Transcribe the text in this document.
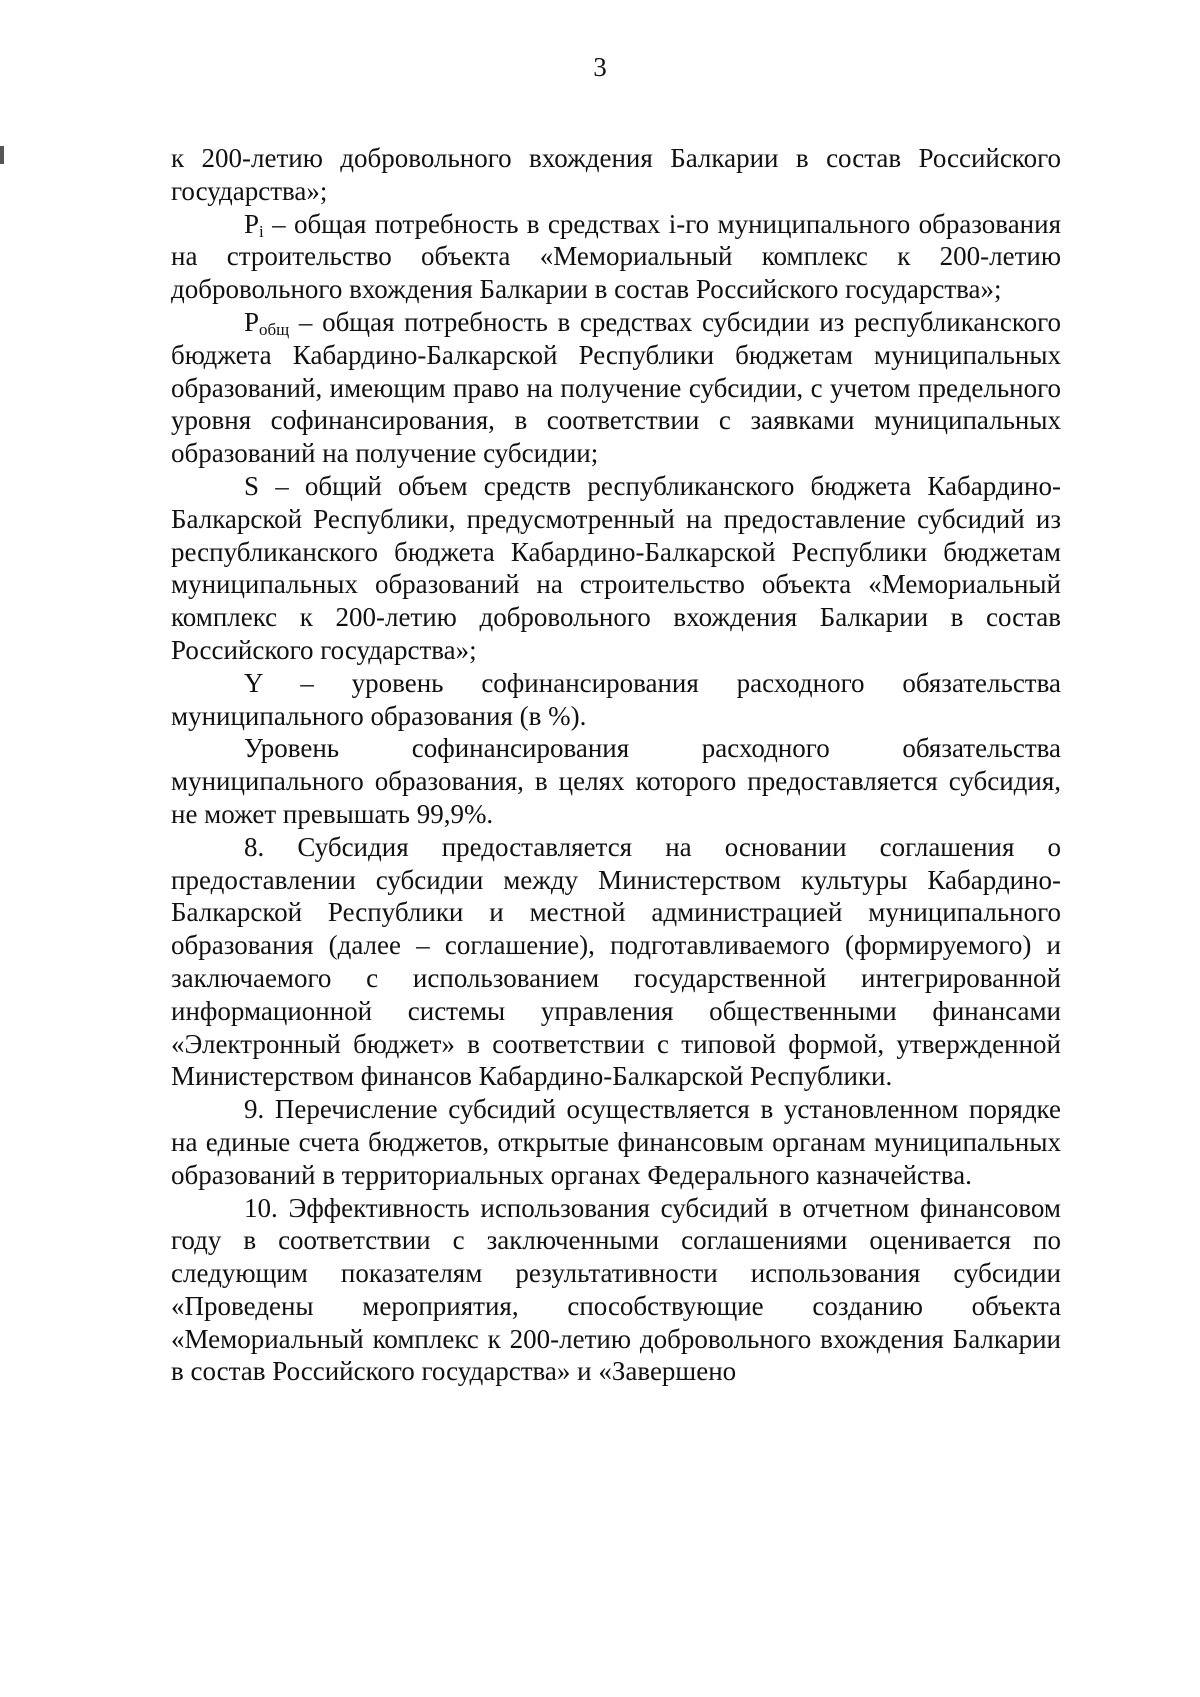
3

к 200-летию добровольного вхождения Балкарии в состав Российского государства»;

$P_i$ – общая потребность в средствах i-го муниципального образования на строительство объекта «Мемориальный комплекс к 200-летию добровольного вхождения Балкарии в состав Российского государства»;

$P_{общ}$ – общая потребность в средствах субсидии из республиканского бюджета Кабардино-Балкарской Республики бюджетам муниципальных образований, имеющим право на получение субсидии, с учетом предельного уровня софинансирования, в соответствии с заявками муниципальных образований на получение субсидии;

S – общий объем средств республиканского бюджета Кабардино-Балкарской Республики, предусмотренный на предоставление субсидий из республиканского бюджета Кабардино-Балкарской Республики бюджетам муниципальных образований на строительство объекта «Мемориальный комплекс к 200-летию добровольного вхождения Балкарии в состав Российского государства»;

Y – уровень софинансирования расходного обязательства муниципального образования (в %).

Уровень софинансирования расходного обязательства муниципального образования, в целях которого предоставляется субсидия, не может превышать 99,9%.

8. Субсидия предоставляется на основании соглашения о предоставлении субсидии между Министерством культуры Кабардино-Балкарской Республики и местной администрацией муниципального образования (далее – соглашение), подготавливаемого (формируемого) и заключаемого с использованием государственной интегрированной информационной системы управления общественными финансами «Электронный бюджет» в соответствии с типовой формой, утвержденной Министерством финансов Кабардино-Балкарской Республики.

9. Перечисление субсидий осуществляется в установленном порядке на единые счета бюджетов, открытые финансовым органам муниципальных образований в территориальных органах Федерального казначейства.

10. Эффективность использования субсидий в отчетном финансовом году в соответствии с заключенными соглашениями оценивается по следующим показателям результативности использования субсидии «Проведены мероприятия, способствующие созданию объекта «Мемориальный комплекс к 200-летию добровольного вхождения Балкарии в состав Российского государства» и «Завершено
